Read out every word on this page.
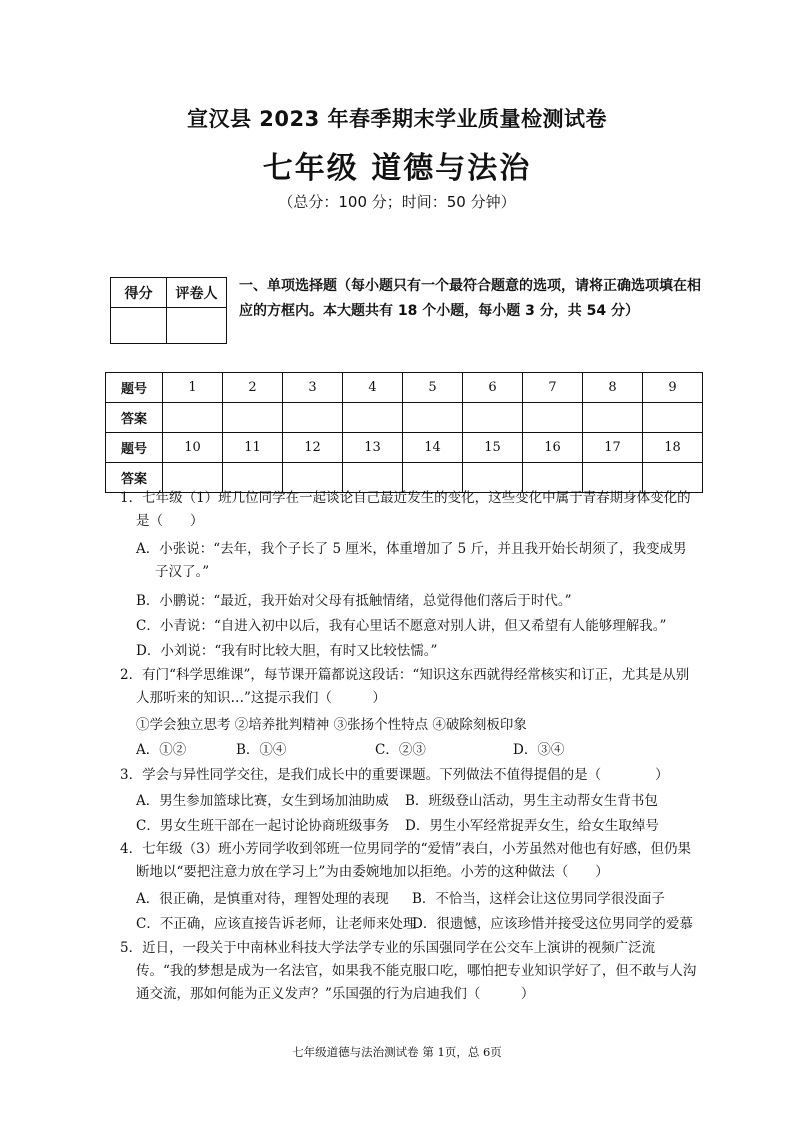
宣汉县 2023 年春季期末学业质量检测试卷
七年级 道德与法治
（总分：100 分；时间：50 分钟）
得分	评卷人
	一、单项选择题（每小题只有一个最符合题意的选项，请将正确选项填在相应的方框内。本大题共有 18 个小题，每小题 3 分，共 54 分）
题号	1	2	3	4	5	6	7	8	9
答案									
题号	10	11	12	13	14	15	16	17	18
答案									
1．七年级（1）班几位同学在一起谈论自己最近发生的变化，这些变化中属于青春期身体变化的是（　　）
A．小张说：“去年，我个子长了 5 厘米，体重增加了 5 斤，并且我开始长胡须了，我变成男子汉了。”
B．小鹏说：“最近，我开始对父母有抵触情绪，总觉得他们落后于时代。”
C．小青说：“自进入初中以后，我有心里话不愿意对别人讲，但又希望有人能够理解我。”
D．小刘说：“我有时比较大胆，有时又比较怯懦。”
2．有门“科学思维课”，每节课开篇都说这段话：“知识这东西就得经常核实和订正，尤其是从别人那听来的知识…”这提示我们（　　　）
①学会独立思考 ②培养批判精神 ③张扬个性特点 ④破除刻板印象
A．①②	B．①④	C．②③	D．③④
3．学会与异性同学交往，是我们成长中的重要课题。下列做法不值得提倡的是（　　　　）
A．男生参加篮球比赛，女生到场加油助威 B．班级登山活动，男生主动帮女生背书包
C．男女生班干部在一起讨论协商班级事务 D．男生小军经常捉弄女生，给女生取绰号
4．七年级（3）班小芳同学收到邻班一位男同学的“爱情”表白，小芳虽然对他也有好感，但仍果断地以“要把注意力放在学习上”为由委婉地加以拒绝。小芳的这种做法（　　）
A．很正确，是慎重对待，理智处理的表现 B．不恰当，这样会让这位男同学很没面子
C．不正确，应该直接告诉老师，让老师来处理
D．很遗憾，应该珍惜并接受这位男同学的爱慕
5．近日，一段关于中南林业科技大学法学专业的乐国强同学在公交车上演讲的视频广泛流传。“我的梦想是成为一名法官，如果我不能克服口吃，哪怕把专业知识学好了，但不敢与人沟通交流，那如何能为正义发声？”乐国强的行为启迪我们（　　　）
七年级道德与法治测试卷 第 1页，总 6页
